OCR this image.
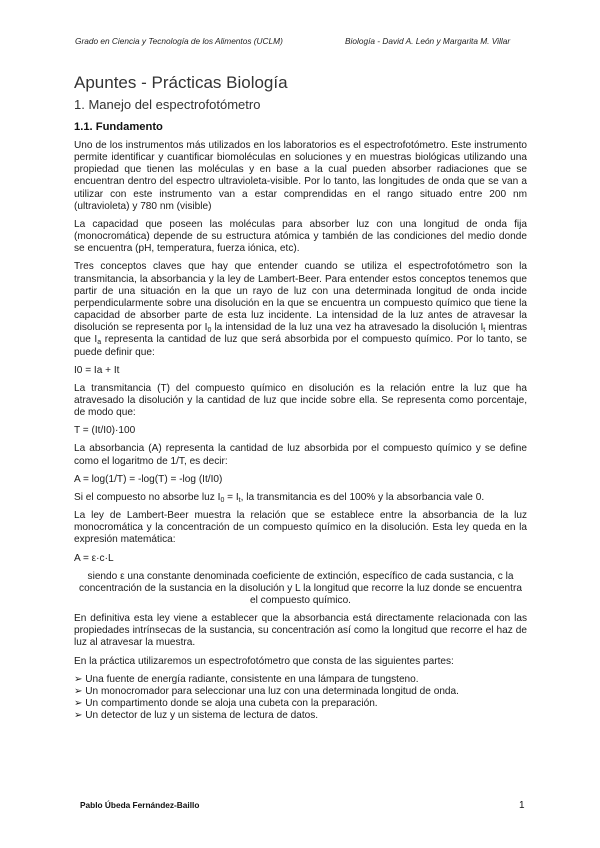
Grado en Ciencia y Tecnología de los Alimentos (UCLM)	Biología - David A. León y Margarita M. Villar
Apuntes - Prácticas Biología
1. Manejo del espectrofotómetro
1.1. Fundamento

Uno de los instrumentos más utilizados en los laboratorios es el espectrofotómetro. Este instrumento permite identificar y cuantificar biomoléculas en soluciones y en muestras biológicas utilizando una propiedad que tienen las moléculas y en base a la cual pueden absorber radiaciones que se encuentran dentro del espectro ultravioleta-visible. Por lo tanto, las longitudes de onda que se van a utilizar con este instrumento van a estar comprendidas en el rango situado entre 200 nm (ultravioleta) y 780 nm (visible)

La capacidad que poseen las moléculas para absorber luz con una longitud de onda fija (monocromática) depende de su estructura atómica y también de las condiciones del medio donde se encuentra (pH, temperatura, fuerza iónica, etc).

Tres conceptos claves que hay que entender cuando se utiliza el espectrofotómetro son la transmitancia, la absorbancia y la ley de Lambert-Beer. Para entender estos conceptos tenemos que partir de una situación en la que un rayo de luz con una determinada longitud de onda incide perpendicularmente sobre una disolución en la que se encuentra un compuesto químico que tiene la capacidad de absorber parte de esta luz incidente. La intensidad de la luz antes de atravesar la disolución se representa por $I_0$ la intensidad de la luz una vez ha atravesado la disolución $I_t$ mientras que $I_a$ representa la cantidad de luz que será absorbida por el compuesto químico. Por lo tanto, se puede definir que:

I0 = Ia + It

La transmitancia (T) del compuesto químico en disolución es la relación entre la luz que ha atravesado la disolución y la cantidad de luz que incide sobre ella. Se representa como porcentaje, de modo que:

T = (It/I0)·100

La absorbancia (A) representa la cantidad de luz absorbida por el compuesto químico y se define como el logaritmo de 1/T, es decir:

A = log(1/T) = -log(T) = -log (It/I0)

Si el compuesto no absorbe luz $I_0 = I_t$, la transmitancia es del 100% y la absorbancia vale 0.

La ley de Lambert-Beer muestra la relación que se establece entre la absorbancia de la luz monocromática y la concentración de un compuesto químico en la disolución. Esta ley queda en la expresión matemática:

A = ε·c·L

siendo ε una constante denominada coeficiente de extinción, específico de cada sustancia, c la concentración de la sustancia en la disolución y L la longitud que recorre la luz donde se encuentra el compuesto químico.

En definitiva esta ley viene a establecer que la absorbancia está directamente relacionada con las propiedades intrínsecas de la sustancia, su concentración así como la longitud que recorre el haz de luz al atravesar la muestra.

En la práctica utilizaremos un espectrofotómetro que consta de las siguientes partes:

➢ Una fuente de energía radiante, consistente en una lámpara de tungsteno.
➢ Un monocromador para seleccionar una luz con una determinada longitud de onda.
➢ Un compartimento donde se aloja una cubeta con la preparación.
➢ Un detector de luz y un sistema de lectura de datos.
Pablo Úbeda Fernández-Baillo	1
